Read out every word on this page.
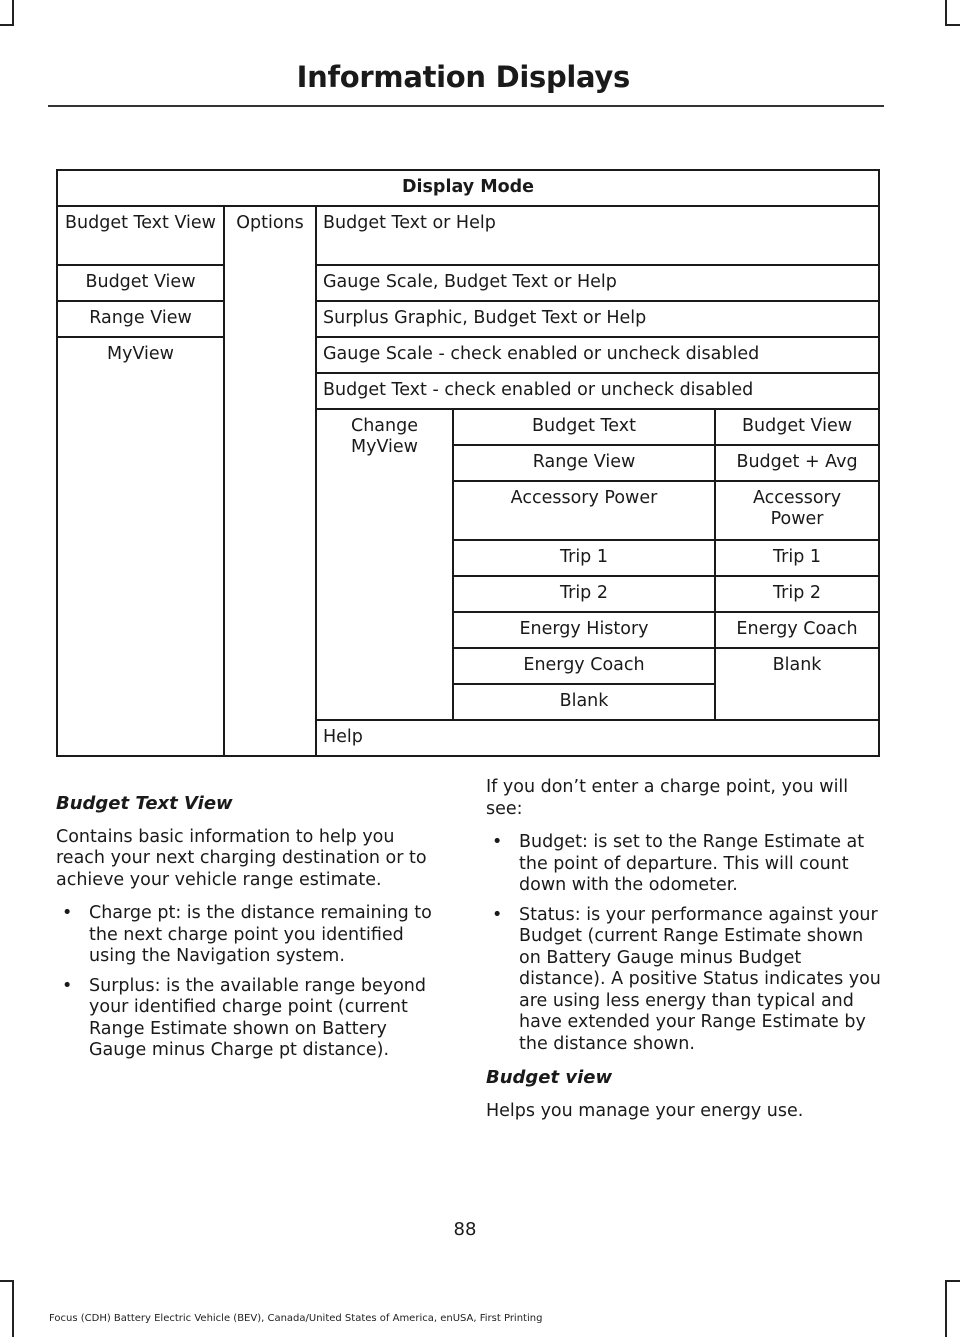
Information Displays
Display Mode				
Budget Text View	Options	Budget Text or Help		
Budget View		Gauge Scale, Budget Text or Help		
Range View		Surplus Graphic, Budget Text or Help		
MyView		Gauge Scale - check enabled or uncheck disabled		
		Budget Text - check enabled or uncheck disabled		
		Change MyView	Budget Text	Budget View
			Range View	Budget + Avg
			Accessory Power	Accessory Power
			Trip 1	Trip 1
			Trip 2	Trip 2
			Energy History	Energy Coach
			Energy Coach	Blank
			Blank	
		Help		
Budget Text View

Contains basic information to help you reach your next charging destination or to achieve your vehicle range estimate.

• Charge pt: is the distance remaining to the next charge point you identified using the Navigation system.
• Surplus: is the available range beyond your identified charge point (current Range Estimate shown on Battery Gauge minus Charge pt distance).

If you don’t enter a charge point, you will see:

• Budget: is set to the Range Estimate at the point of departure. This will count down with the odometer.
• Status: is your performance against your Budget (current Range Estimate shown on Battery Gauge minus Budget distance). A positive Status indicates you are using less energy than typical and have extended your Range Estimate by the distance shown.
Budget view

Helps you manage your energy use.

88
Focus (CDH) Battery Electric Vehicle (BEV), Canada/United States of America, enUSA, First Printing
